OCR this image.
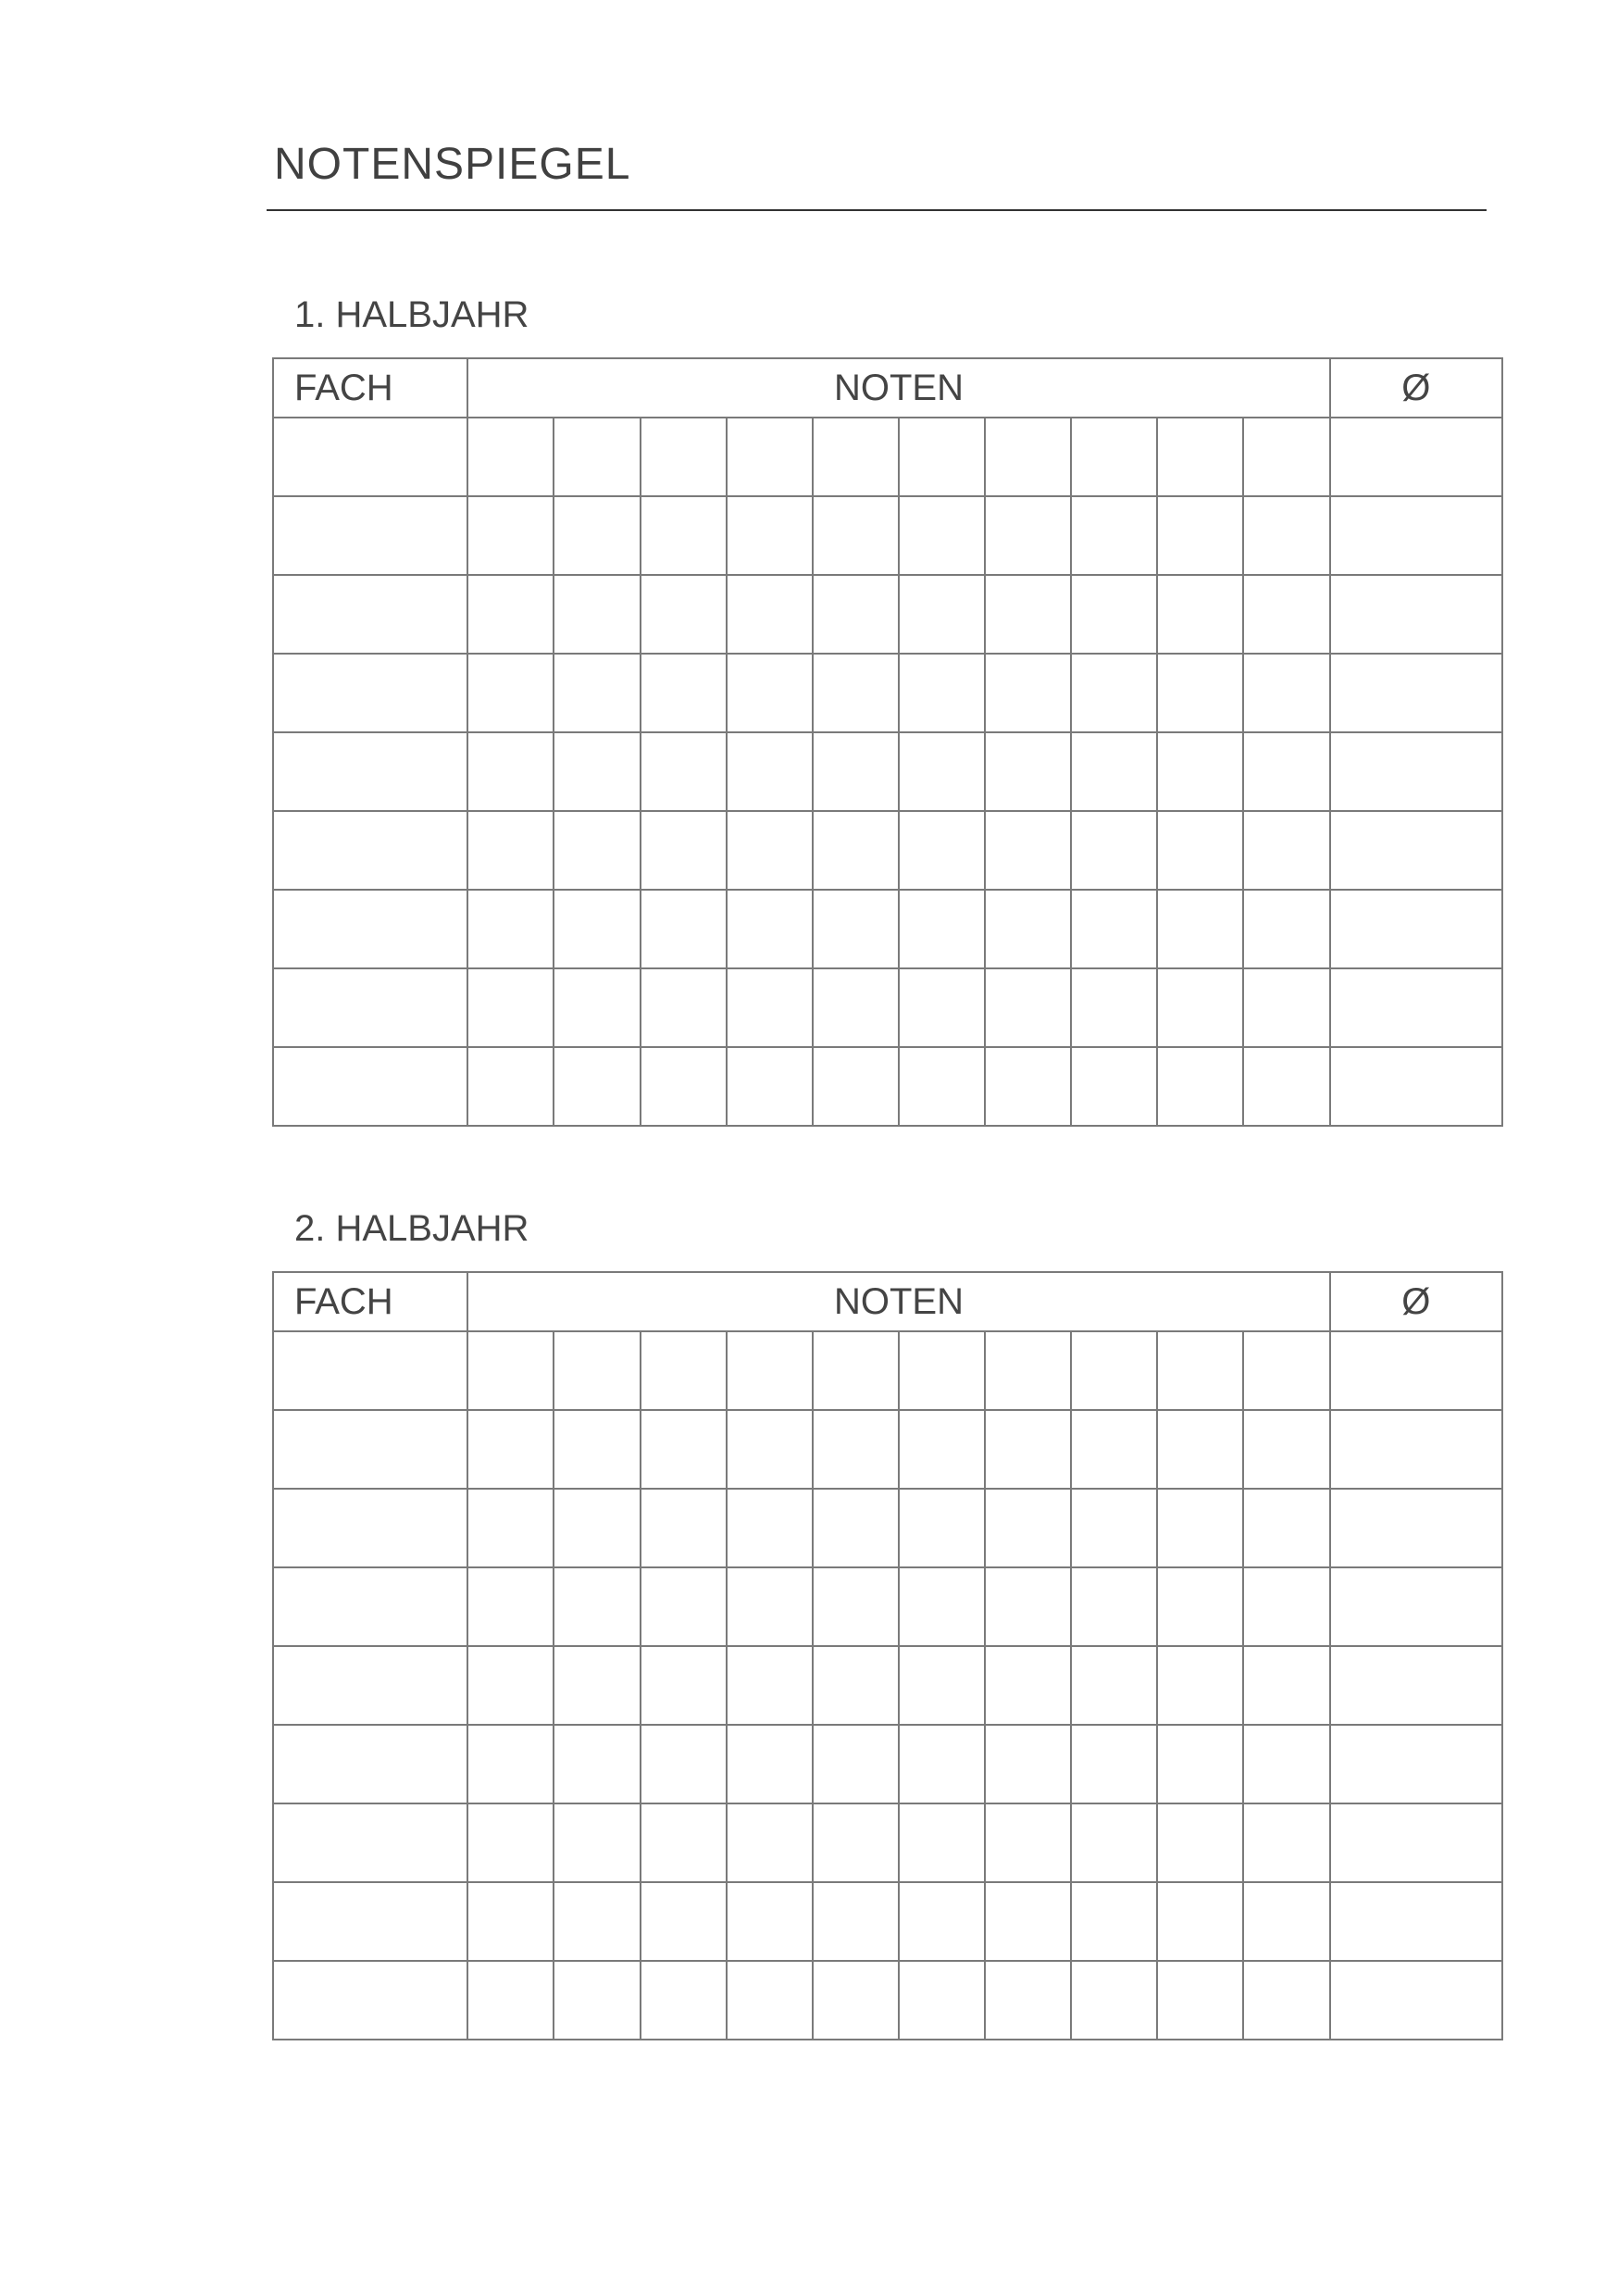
NOTENSPIEGEL
1. HALBJAHR
FACH	NOTEN										Ø

2. HALBJAHR
FACH	NOTEN										Ø
